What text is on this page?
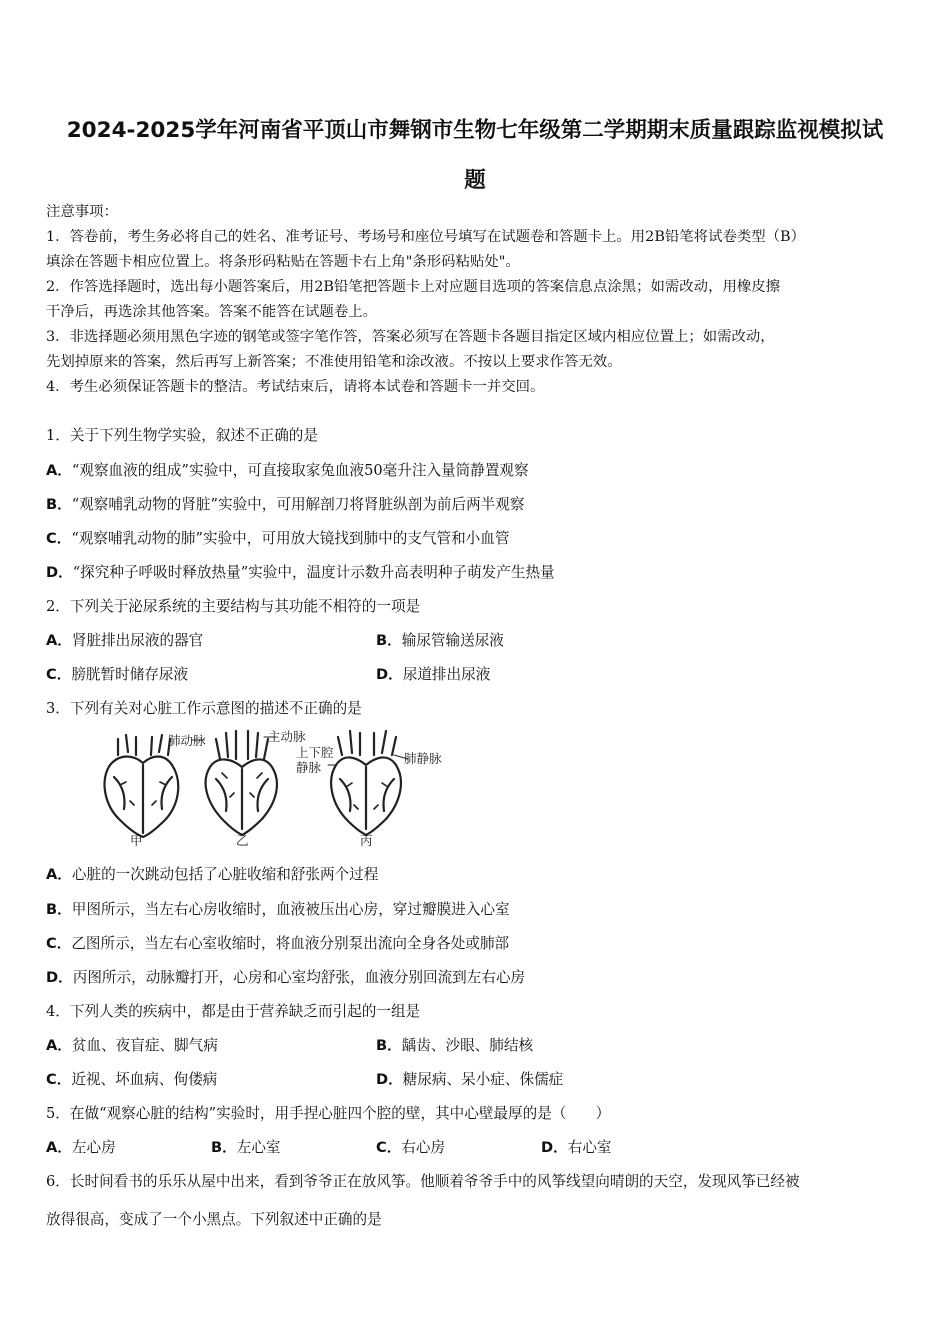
2024-2025学年河南省平顶山市舞钢市生物七年级第二学期期末质量跟踪监视模拟试
题
注意事项：
1．答卷前，考生务必将自己的姓名、准考证号、考场号和座位号填写在试题卷和答题卡上。用2B铅笔将试卷类型（B）
填涂在答题卡相应位置上。将条形码粘贴在答题卡右上角"条形码粘贴处"。
2．作答选择题时，选出每小题答案后，用2B铅笔把答题卡上对应题目选项的答案信息点涂黑；如需改动，用橡皮擦
干净后，再选涂其他答案。答案不能答在试题卷上。
3．非选择题必须用黑色字迹的钢笔或签字笔作答，答案必须写在答题卡各题目指定区域内相应位置上；如需改动，
先划掉原来的答案，然后再写上新答案；不准使用铅笔和涂改液。不按以上要求作答无效。
4．考生必须保证答题卡的整洁。考试结束后，请将本试卷和答题卡一并交回。
1．关于下列生物学实验，叙述不正确的是
A．“观察血液的组成”实验中，可直接取家兔血液50毫升注入量筒静置观察
B．“观察哺乳动物的肾脏”实验中，可用解剖刀将肾脏纵剖为前后两半观察
C．“观察哺乳动物的肺”实验中，可用放大镜找到肺中的支气管和小血管
D．“探究种子呼吸时释放热量”实验中，温度计示数升高表明种子萌发产生热量
2．下列关于泌尿系统的主要结构与其功能不相符的一项是
A．肾脏排出尿液的器官	B．输尿管输送尿液
C．膀胱暂时储存尿液	D．尿道排出尿液
3．下列有关对心脏工作示意图的描述不正确的是
肺动脉	主动脉
上下腔
静脉
肺静脉
甲	乙	丙
A．心脏的一次跳动包括了心脏收缩和舒张两个过程
B．甲图所示，当左右心房收缩时，血液被压出心房，穿过瓣膜进入心室
C．乙图所示，当左右心室收缩时，将血液分别泵出流向全身各处或肺部
D．丙图所示，动脉瓣打开，心房和心室均舒张，血液分别回流到左右心房
4．下列人类的疾病中，都是由于营养缺乏而引起的一组是
A．贫血、夜盲症、脚气病	B．龋齿、沙眼、肺结核
C．近视、坏血病、佝偻病	D．糖尿病、呆小症、侏儒症
5．在做“观察心脏的结构”实验时，用手捏心脏四个腔的壁，其中心壁最厚的是（　　）
A．左心房	B．左心室	C．右心房	D．右心室
6．长时间看书的乐乐从屋中出来，看到爷爷正在放风筝。他顺着爷爷手中的风筝线望向晴朗的天空，发现风筝已经被
放得很高，变成了一个小黑点。下列叙述中正确的是
